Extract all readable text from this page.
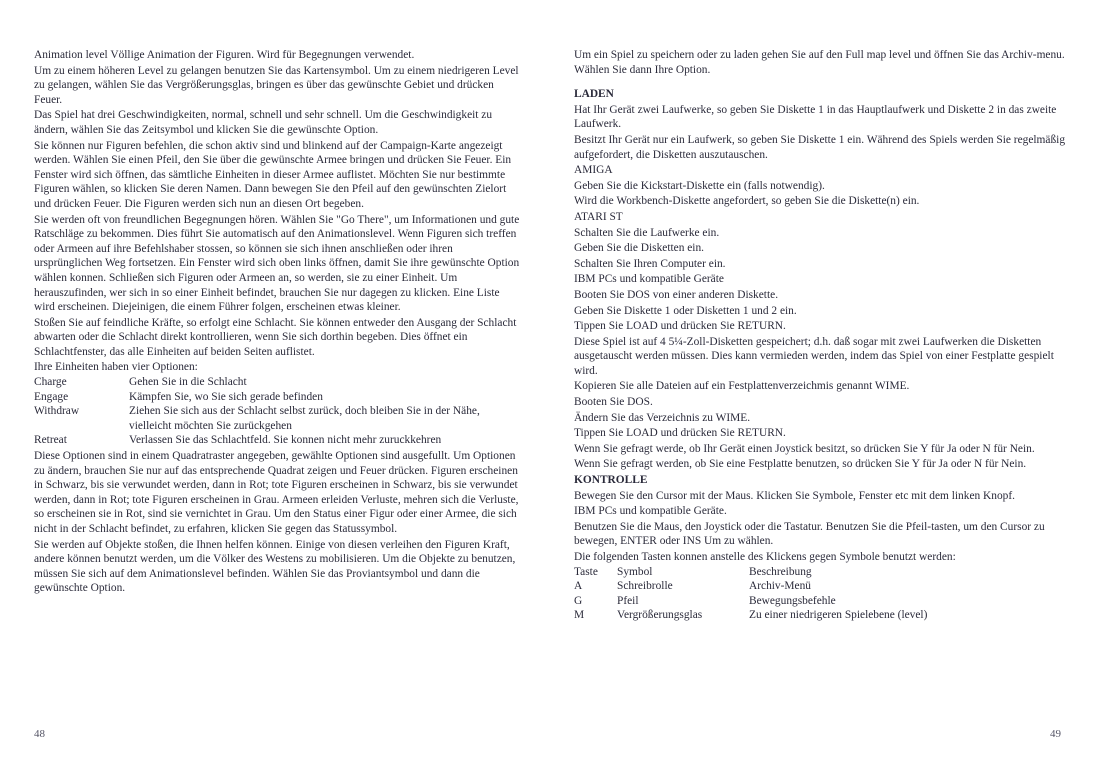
Animation level Völlige Animation der Figuren. Wird für Begegnungen verwendet.

Um zu einem höheren Level zu gelangen benutzen Sie das Kartensymbol. Um zu einem niedrigeren Level zu gelangen, wählen Sie das Vergrößerungsglas, bringen es über das gewünschte Gebiet und drücken Feuer.

Das Spiel hat drei Geschwindigkeiten, normal, schnell und sehr schnell. Um die Geschwindigkeit zu ändern, wählen Sie das Zeitsymbol und klicken Sie die gewünschte Option.

Sie können nur Figuren befehlen, die schon aktiv sind und blinkend auf der Campaign-Karte angezeigt werden. Wählen Sie einen Pfeil, den Sie über die gewünschte Armee bringen und drücken Sie Feuer. Ein Fenster wird sich öffnen, das sämtliche Einheiten in dieser Armee auflistet. Möchten Sie nur bestimmte Figuren wählen, so klicken Sie deren Namen. Dann bewegen Sie den Pfeil auf den gewünschten Zielort und drücken Feuer. Die Figuren werden sich nun an diesen Ort begeben.

Sie werden oft von freundlichen Begegnungen hören. Wählen Sie "Go There", um Informationen und gute Ratschläge zu bekommen. Dies führt Sie automatisch auf den Animationslevel. Wenn Figuren sich treffen oder Armeen auf ihre Befehlshaber stossen, so können sie sich ihnen anschließen oder ihren ursprünglichen Weg fortsetzen. Ein Fenster wird sich oben links öffnen, damit Sie ihre gewünschte Option wählen konnen. Schließen sich Figuren oder Armeen an, so werden, sie zu einer Einheit. Um herauszufinden, wer sich in so einer Einheit befindet, brauchen Sie nur dagegen zu klicken. Eine Liste wird erscheinen. Diejeinigen, die einem Führer folgen, erscheinen etwas kleiner.

Stoßen Sie auf feindliche Kräfte, so erfolgt eine Schlacht. Sie können entweder den Ausgang der Schlacht abwarten oder die Schlacht direkt kontrollieren, wenn Sie sich dorthin begeben. Dies öffnet ein Schlachtfenster, das alle Einheiten auf beiden Seiten auflistet.

Ihre Einheiten haben vier Optionen:

Charge	Gehen Sie in die Schlacht
Engage	Kämpfen Sie, wo Sie sich gerade befinden
Withdraw	Ziehen Sie sich aus der Schlacht selbst zurück, doch bleiben Sie in der Nähe, vielleicht möchten Sie zurückgehen
Retreat	Verlassen Sie das Schlachtfeld. Sie konnen nicht mehr zuruckkehren

Diese Optionen sind in einem Quadratraster angegeben, gewählte Optionen sind ausgefullt. Um Optionen zu ändern, brauchen Sie nur auf das entsprechende Quadrat zeigen und Feuer drücken. Figuren erscheinen in Schwarz, bis sie verwundet werden, dann in Rot; tote Figuren erscheinen in Schwarz, bis sie verwundet werden, dann in Rot; tote Figuren erscheinen in Grau. Armeen erleiden Verluste, mehren sich die Verluste, so erscheinen sie in Rot, sind sie vernichtet in Grau. Um den Status einer Figur oder einer Armee, die sich nicht in der Schlacht befindet, zu erfahren, klicken Sie gegen das Statussymbol.

Sie werden auf Objekte stoßen, die Ihnen helfen können. Einige von diesen verleihen den Figuren Kraft, andere können benutzt werden, um die Völker des Westens zu mobilisieren. Um die Objekte zu benutzen, müssen Sie sich auf dem Animationslevel befinden. Wählen Sie das Proviantsymbol und dann die gewünschte Option.

48

Um ein Spiel zu speichern oder zu laden gehen Sie auf den Full map level und öffnen Sie das Archiv-menu. Wählen Sie dann Ihre Option.

LADEN

Hat Ihr Gerät zwei Laufwerke, so geben Sie Diskette 1 in das Hauptlaufwerk und Diskette 2 in das zweite Laufwerk.

Besitzt Ihr Gerät nur ein Laufwerk, so geben Sie Diskette 1 ein. Während des Spiels werden Sie regelmäßig aufgefordert, die Disketten auszutauschen.

AMIGA

Geben Sie die Kickstart-Diskette ein (falls notwendig).

Wird die Workbench-Diskette angefordert, so geben Sie die Diskette(n) ein.

ATARI ST

Schalten Sie die Laufwerke ein.

Geben Sie die Disketten ein.

Schalten Sie Ihren Computer ein.

IBM PCs und kompatible Geräte

Booten Sie DOS von einer anderen Diskette.

Geben Sie Diskette 1 oder Disketten 1 und 2 ein.

Tippen Sie LOAD und drücken Sie RETURN.

Diese Spiel ist auf 4 5¼-Zoll-Disketten gespeichert; d.h. daß sogar mit zwei Laufwerken die Disketten ausgetauscht werden müssen. Dies kann vermieden werden, indem das Spiel von einer Festplatte gespielt wird.

Kopieren Sie alle Dateien auf ein Festplattenverzeichmis genannt WIME.

Booten Sie DOS.

Ändern Sie das Verzeichnis zu WIME.

Tippen Sie LOAD und drücken Sie RETURN.

Wenn Sie gefragt werde, ob Ihr Gerät einen Joystick besitzt, so drücken Sie Y für Ja oder N für Nein.

Wenn Sie gefragt werden, ob Sie eine Festplatte benutzen, so drücken Sie Y für Ja oder N für Nein.

KONTROLLE

Bewegen Sie den Cursor mit der Maus. Klicken Sie Symbole, Fenster etc mit dem linken Knopf.

IBM PCs und kompatible Geräte.

Benutzen Sie die Maus, den Joystick oder die Tastatur. Benutzen Sie die Pfeil-tasten, um den Cursor zu bewegen, ENTER oder INS Um zu wählen.

Die folgenden Tasten konnen anstelle des Klickens gegen Symbole benutzt werden:

Taste	Symbol	Beschreibung
A	Schreibrolle	Archiv-Menü
G	Pfeil	Bewegungsbefehle
M	Vergrößerungsglas	Zu einer niedrigeren Spielebene (level)
49
